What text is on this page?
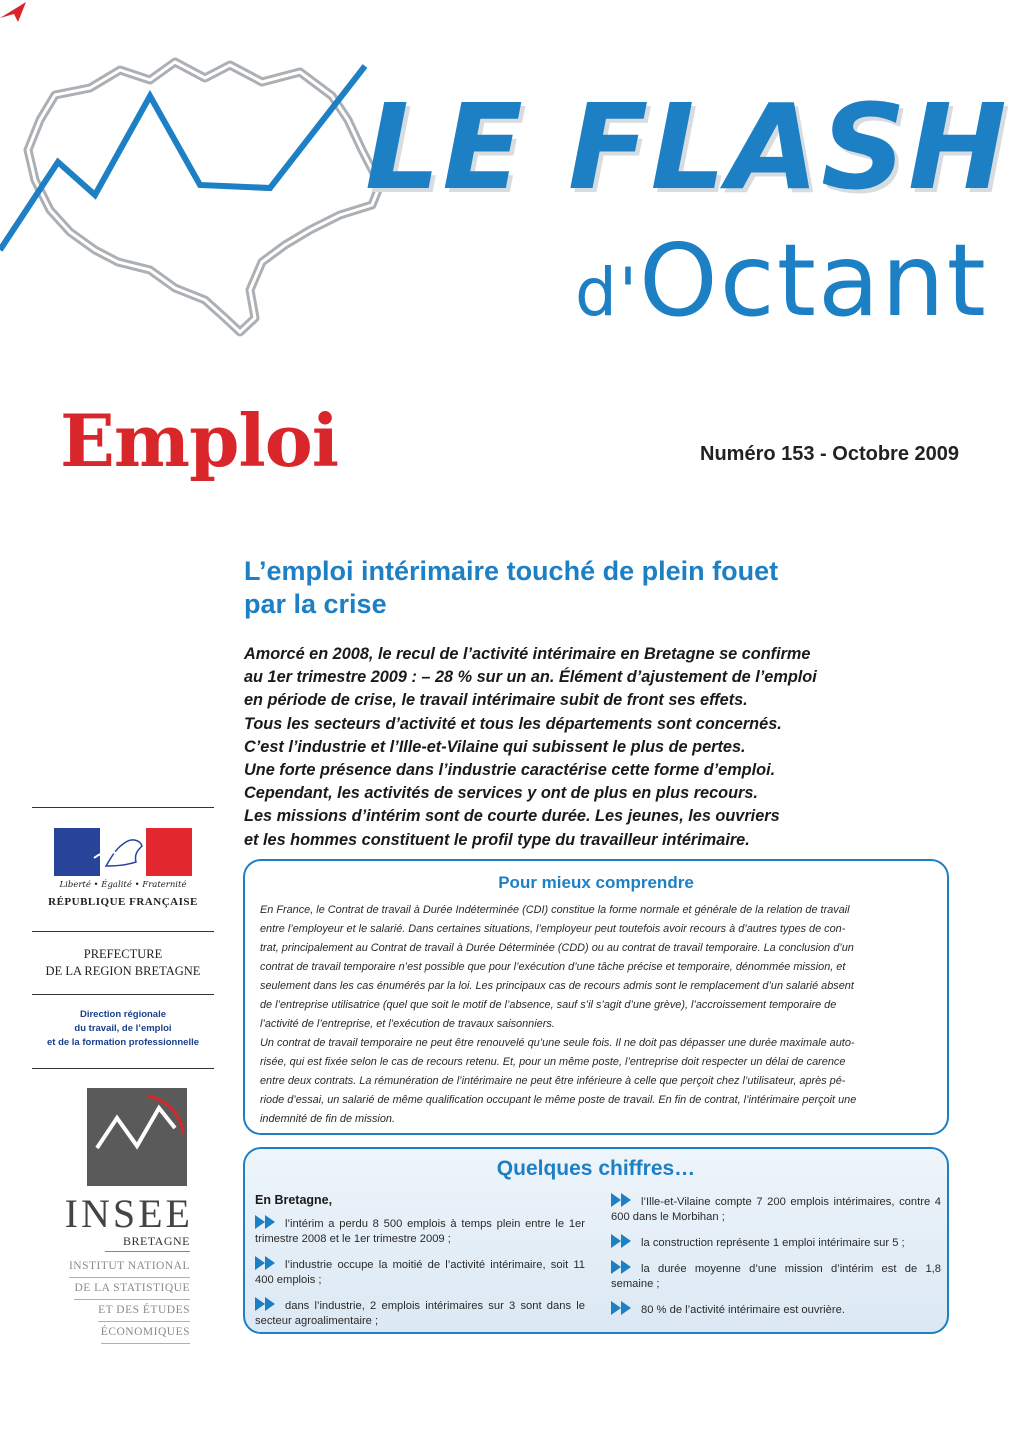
LE FLASH
d'Octant
Emploi	Numéro 153 - Octobre 2009
L’emploi intérimaire touché de plein fouet
par la crise
Amorcé en 2008, le recul de l’activité intérimaire en Bretagne se confirme
au 1er trimestre 2009 : – 28 % sur un an. Élément d’ajustement de l’emploi
en période de crise, le travail intérimaire subit de front ses effets.
Tous les secteurs d’activité et tous les départements sont concernés.
C’est l’industrie et l’Ille-et-Vilaine qui subissent le plus de pertes.
Une forte présence dans l’industrie caractérise cette forme d’emploi.
Cependant, les activités de services y ont de plus en plus recours.
Les missions d’intérim sont de courte durée. Les jeunes, les ouvriers
et les hommes constituent le profil type du travailleur intérimaire.
Liberté • Égalité • Fraternité
RÉPUBLIQUE FRANÇAISE
PREFECTURE
DE LA REGION BRETAGNE
Direction régionale
du travail, de l’emploi
et de la formation professionnelle
INSEE
BRETAGNE
INSTITUT NATIONAL
DE LA STATISTIQUE
ET DES ÉTUDES
ÉCONOMIQUES
Pour mieux comprendre
En France, le Contrat de travail à Durée Indéterminée (CDI) constitue la forme normale et générale de la relation de travail
entre l’employeur et le salarié. Dans certaines situations, l’employeur peut toutefois avoir recours à d’autres types de con-
trat, principalement au Contrat de travail à Durée Déterminée (CDD) ou au contrat de travail temporaire. La conclusion d’un
contrat de travail temporaire n’est possible que pour l’exécution d’une tâche précise et temporaire, dénommée mission, et
seulement dans les cas énumérés par la loi. Les principaux cas de recours admis sont le remplacement d’un salarié absent
de l’entreprise utilisatrice (quel que soit le motif de l’absence, sauf s’il s’agit d’une grève), l’accroissement temporaire de
l’activité de l’entreprise, et l’exécution de travaux saisonniers.
Un contrat de travail temporaire ne peut être renouvelé qu’une seule fois. Il ne doit pas dépasser une durée maximale auto-
risée, qui est fixée selon le cas de recours retenu. Et, pour un même poste, l’entreprise doit respecter un délai de carence
entre deux contrats. La rémunération de l’intérimaire ne peut être inférieure à celle que perçoit chez l’utilisateur, après pé-
riode d’essai, un salarié de même qualification occupant le même poste de travail. En fin de contrat, l’intérimaire perçoit une
indemnité de fin de mission.
Quelques chiffres…
En Bretagne,
l’intérim a perdu 8 500 emplois à temps plein entre le 1er trimestre 2008 et le 1er trimestre 2009 ;
l’industrie occupe la moitié de l’activité intérimaire, soit 11 400 emplois ;
dans l’industrie, 2 emplois intérimaires sur 3 sont dans le secteur agroalimentaire ;
l’Ille-et-Vilaine compte 7 200 emplois intérimaires, contre 4 600 dans le Morbihan ;
la construction représente 1 emploi intérimaire sur 5 ;
la durée moyenne d’une mission d’intérim est de 1,8 semaine ;
80 % de l’activité intérimaire est ouvrière.
